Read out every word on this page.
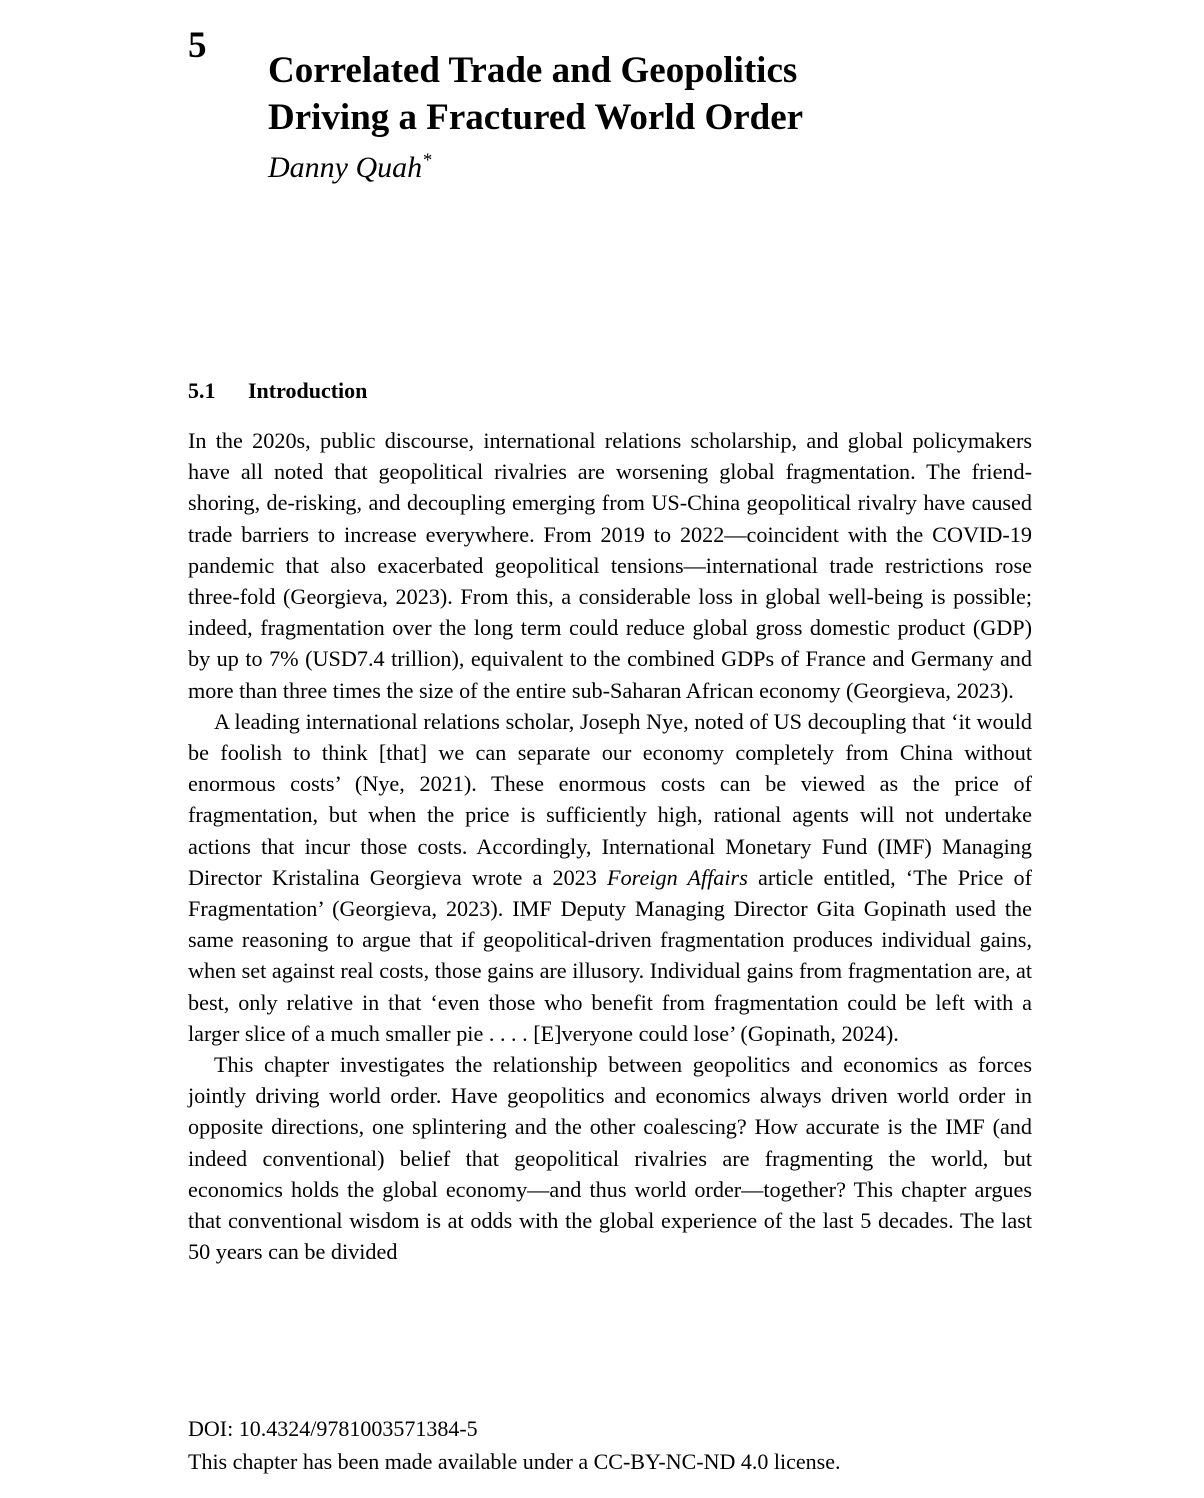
5
Correlated Trade and Geopolitics
Driving a Fractured World Order
Danny Quah*
5.1	Introduction

In the 2020s, public discourse, international relations scholarship, and global policymakers have all noted that geopolitical rivalries are worsening global fragmentation. The friend-shoring, de-risking, and decoupling emerging from US-China geopolitical rivalry have caused trade barriers to increase everywhere. From 2019 to 2022—coincident with the COVID-19 pandemic that also exacerbated geopolitical tensions—international trade restrictions rose three-fold (Georgieva, 2023). From this, a considerable loss in global well-being is possible; indeed, fragmentation over the long term could reduce global gross domestic product (GDP) by up to 7% (USD7.4 trillion), equivalent to the combined GDPs of France and Germany and more than three times the size of the entire sub-Saharan African economy (Georgieva, 2023).

A leading international relations scholar, Joseph Nye, noted of US decoupling that ‘it would be foolish to think [that] we can separate our economy completely from China without enormous costs’ (Nye, 2021). These enormous costs can be viewed as the price of fragmentation, but when the price is sufficiently high, rational agents will not undertake actions that incur those costs. Accordingly, International Monetary Fund (IMF) Managing Director Kristalina Georgieva wrote a 2023 Foreign Affairs article entitled, ‘The Price of Fragmentation’ (Georgieva, 2023). IMF Deputy Managing Director Gita Gopinath used the same reasoning to argue that if geopolitical-driven fragmentation produces individual gains, when set against real costs, those gains are illusory. Individual gains from fragmentation are, at best, only relative in that ‘even those who benefit from fragmentation could be left with a larger slice of a much smaller pie . . . . [E]veryone could lose’ (Gopinath, 2024).

This chapter investigates the relationship between geopolitics and economics as forces jointly driving world order. Have geopolitics and economics always driven world order in opposite directions, one splintering and the other coalescing? How accurate is the IMF (and indeed conventional) belief that geopolitical rivalries are fragmenting the world, but economics holds the global economy—and thus world order—together? This chapter argues that conventional wisdom is at odds with the global experience of the last 5 decades. The last 50 years can be divided

DOI: 10.4324/9781003571384-5
This chapter has been made available under a CC-BY-NC-ND 4.0 license.
